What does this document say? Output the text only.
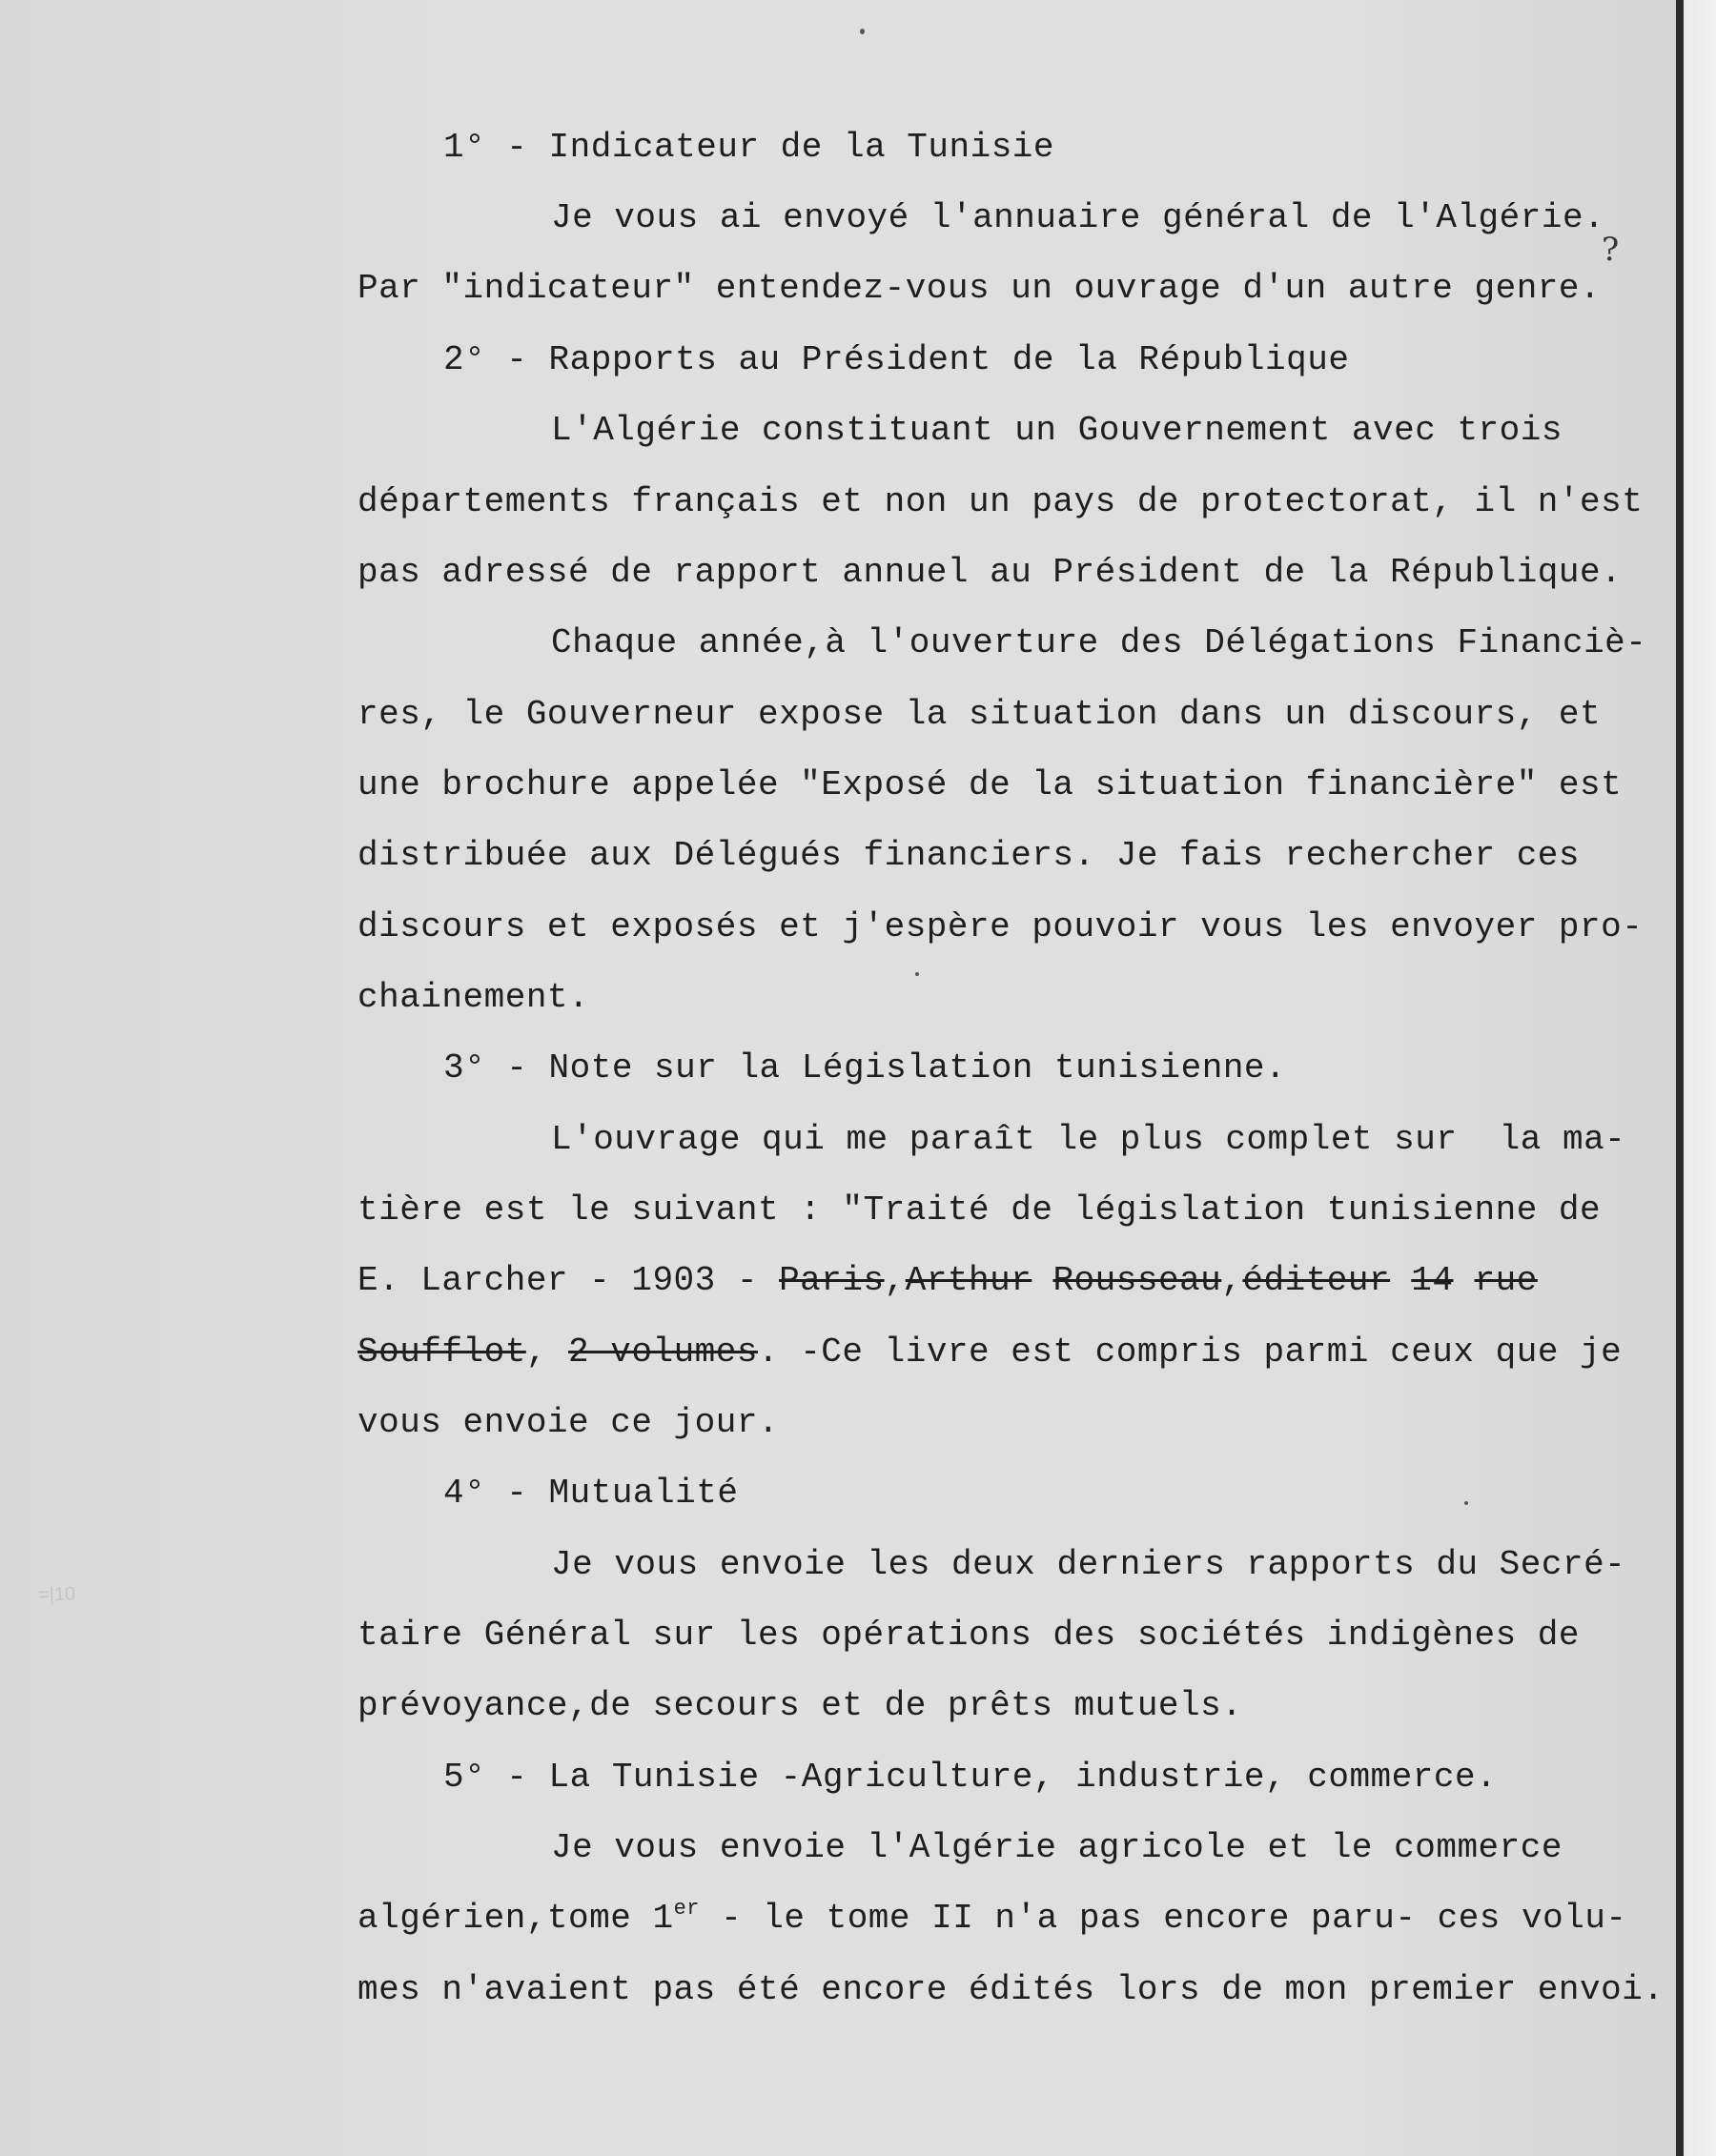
=|10

1° - Indicateur de la Tunisie

Je vous ai envoyé l'annuaire général de l'Algérie.

Par "indicateur" entendez-vous un ouvrage d'un autre genre.

?

2° - Rapports au Président de la République

L'Algérie constituant un Gouvernement avec trois

départements français et non un pays de protectorat, il n'est

pas adressé de rapport annuel au Président de la République.

Chaque année,à l'ouverture des Délégations Financiè-

res, le Gouverneur expose la situation dans un discours, et

une brochure appelée "Exposé de la situation financière" est

distribuée aux Délégués financiers. Je fais rechercher ces

discours et exposés et j'espère pouvoir vous les envoyer pro-

chainement.

3° - Note sur la Législation tunisienne.

L'ouvrage qui me paraît le plus complet sur  la ma-

tière est le suivant : "Traité de législation tunisienne de

E. Larcher - 1903 - Paris,Arthur Rousseau,éditeur 14 rue

Soufflot, 2 volumes. -Ce livre est compris parmi ceux que je

vous envoie ce jour.

4° - Mutualité

Je vous envoie les deux derniers rapports du Secré-

taire Général sur les opérations des sociétés indigènes de

prévoyance,de secours et de prêts mutuels.

5° - La Tunisie -Agriculture, industrie, commerce.

Je vous envoie l'Algérie agricole et le commerce

algérien,tome 1er - le tome II n'a pas encore paru- ces volu-

mes n'avaient pas été encore édités lors de mon premier envoi.
